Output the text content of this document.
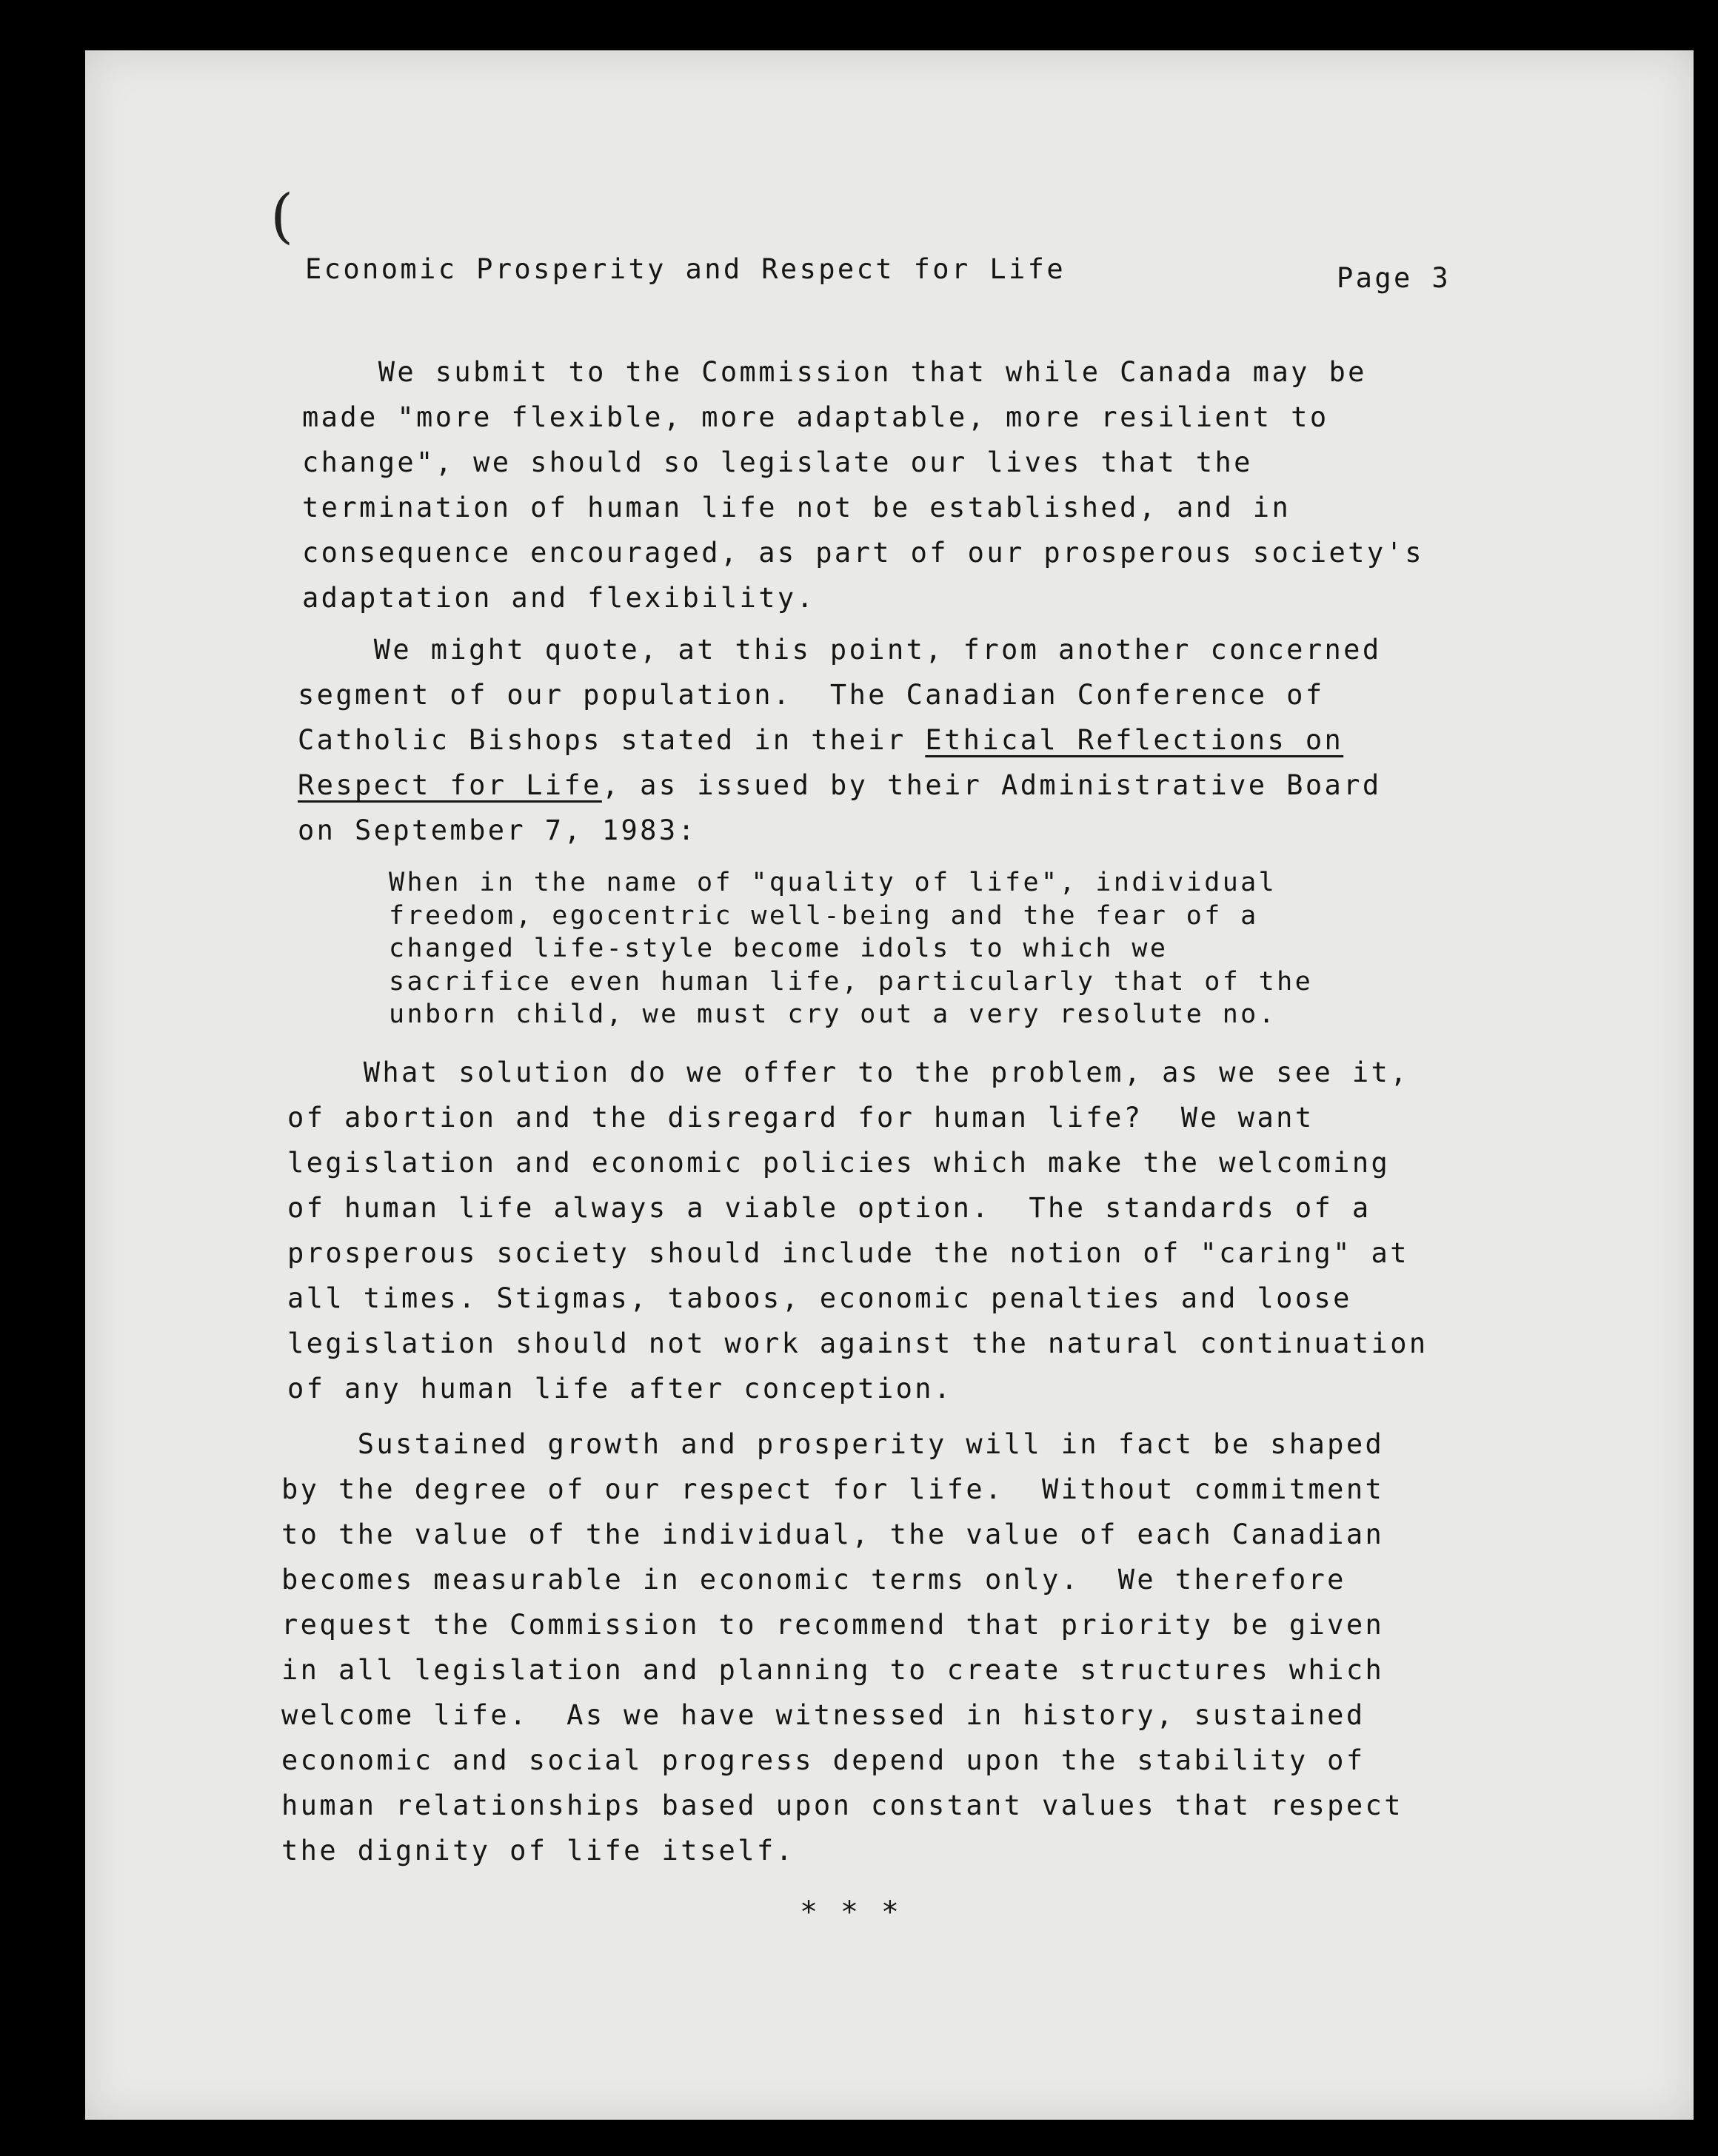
(
Economic Prosperity and Respect for Life	Page 3
We submit to the Commission that while Canada may be
made "more flexible, more adaptable, more resilient to
change", we should so legislate our lives that the
termination of human life not be established, and in
consequence encouraged, as part of our prosperous society's
adaptation and flexibility.
We might quote, at this point, from another concerned
segment of our population.  The Canadian Conference of
Catholic Bishops stated in their Ethical Reflections on
Respect for Life, as issued by their Administrative Board
on September 7, 1983:
When in the name of "quality of life", individual
freedom, egocentric well-being and the fear of a
changed life-style become idols to which we
sacrifice even human life, particularly that of the
unborn child, we must cry out a very resolute no.
What solution do we offer to the problem, as we see it,
of abortion and the disregard for human life?  We want
legislation and economic policies which make the welcoming
of human life always a viable option.  The standards of a
prosperous society should include the notion of "caring" at
all times. Stigmas, taboos, economic penalties and loose
legislation should not work against the natural continuation
of any human life after conception.
Sustained growth and prosperity will in fact be shaped
by the degree of our respect for life.  Without commitment
to the value of the individual, the value of each Canadian
becomes measurable in economic terms only.  We therefore
request the Commission to recommend that priority be given
in all legislation and planning to create structures which
welcome life.  As we have witnessed in history, sustained
economic and social progress depend upon the stability of
human relationships based upon constant values that respect
the dignity of life itself.
* * *
